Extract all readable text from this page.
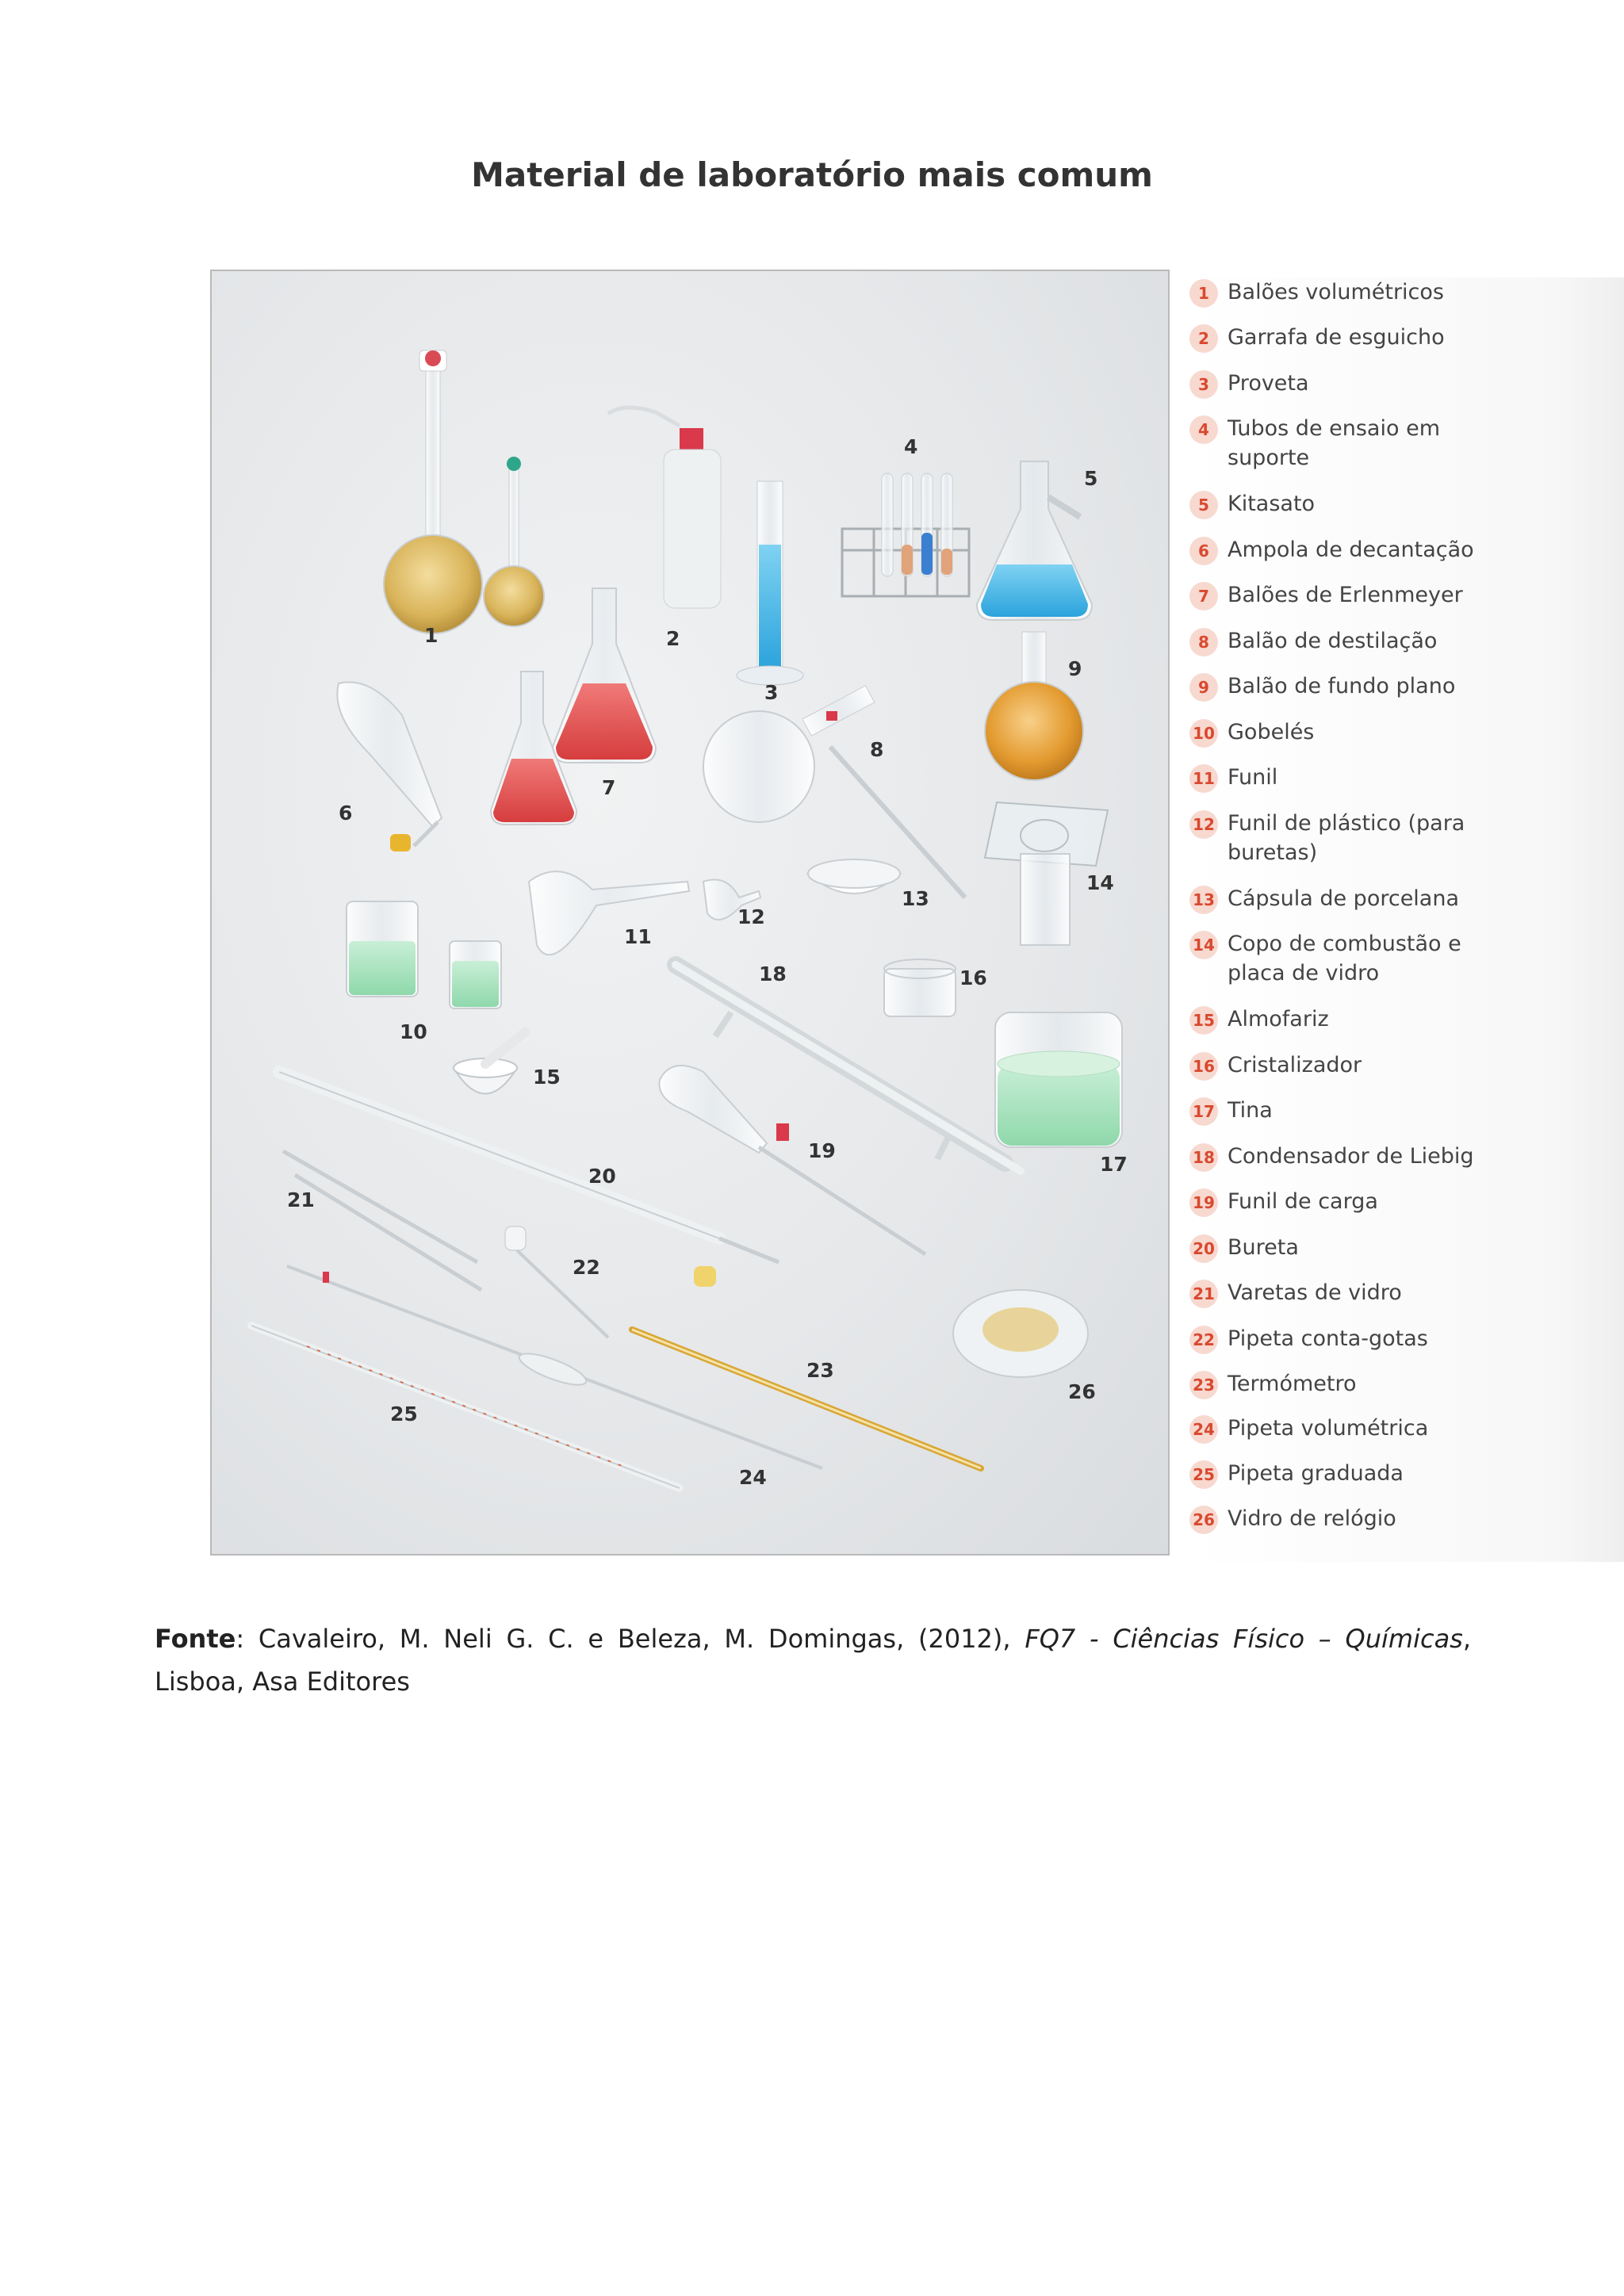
Material de laboratório mais comum
1	2
3
4
5
6
7
8
9
10
11
12
13
14
15
16
17
18
19
20
21
22
23
24
25
26
1 Balões volumétricos
2 Garrafa de esguicho
3 Proveta
4 Tubos de ensaio em suporte
5 Kitasato
6 Ampola de decantação
7 Balões de Erlenmeyer
8 Balão de destilação
9 Balão de fundo plano
10 Gobelés
11 Funil
12 Funil de plástico (para buretas)
13 Cápsula de porcelana
14 Copo de combustão e placa de vidro
15 Almofariz
16 Cristalizador
17 Tina
18 Condensador de Liebig
19 Funil de carga
20 Bureta
21 Varetas de vidro
22 Pipeta conta-gotas
23 Termómetro
24 Pipeta volumétrica
25 Pipeta graduada
26 Vidro de relógio
Fonte: Cavaleiro, M. Neli G. C. e Beleza, M. Domingas, (2012), FQ7 - Ciências Físico – Químicas, Lisboa, Asa Editores
